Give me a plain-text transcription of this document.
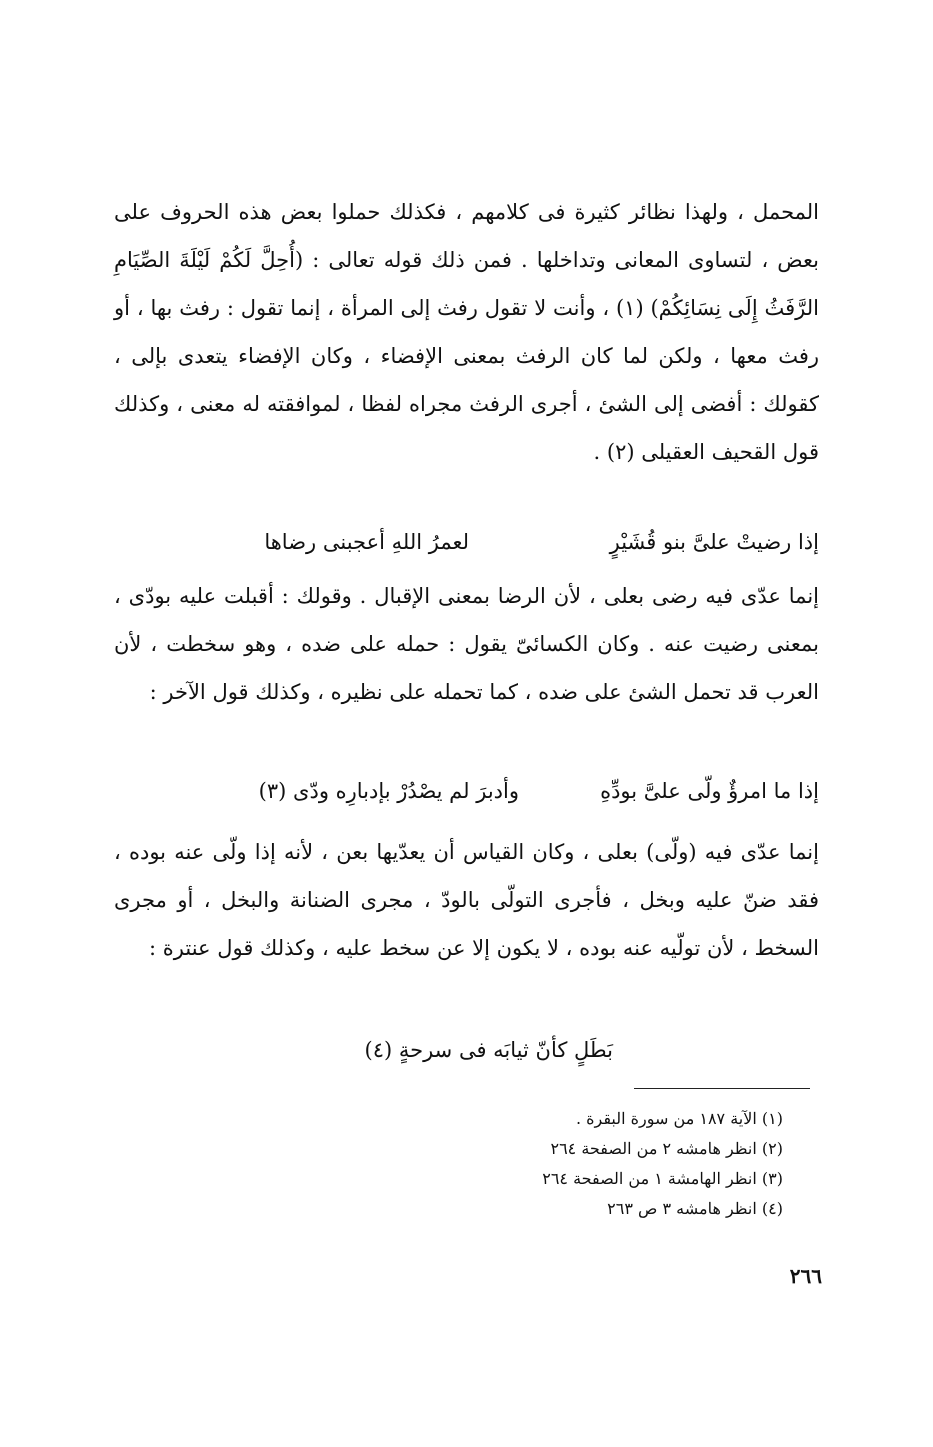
المحمل ، ولهذا نظائر كثيرة فى كلامهم ، فكذلك حملوا بعض هذه الحروف على بعض ، لتساوى المعانى وتداخلها . فمن ذلك قوله تعالى : (أُحِلَّ لَكُمْ لَيْلَةَ الصِّيَامِ الرَّفَثُ إِلَى نِسَائِكُمْ) (١) ، وأنت لا تقول رفث إلى المرأة ، إنما تقول : رفث بها ، أو رفث معها ، ولكن لما كان الرفث بمعنى الإفضاء ، وكان الإفضاء يتعدى بإلى ، كقولك : أفضى إلى الشئ ، أجرى الرفث مجراه لفظا ، لموافقته له معنى ، وكذلك قول القحيف العقيلى (٢) .

إذا رضيتْ علىَّ بنو قُشَيْرٍ
لعمرُ اللهِ أعجبنى رضاها

إنما عدّى فيه رضى بعلى ، لأن الرضا بمعنى الإقبال . وقولك : أقبلت عليه بودّى ، بمعنى رضيت عنه . وكان الكسائىّ يقول : حمله على ضده ، وهو سخطت ، لأن العرب قد تحمل الشئ على ضده ، كما تحمله على نظيره ، وكذلك قول الآخر :

إذا ما امرؤٌ ولّى علىَّ بودِّهِ
وأدبرَ لم يصْدُرْ بإدبارِه ودّى (٣)

إنما عدّى فيه (ولّى) بعلى ، وكان القياس أن يعدّيها بعن ، لأنه إذا ولّى عنه بوده ، فقد ضنّ عليه وبخل ، فأجرى التولّى بالودّ ، مجرى الضنانة والبخل ، أو مجرى السخط ، لأن تولّيه عنه بوده ، لا يكون إلا عن سخط عليه ، وكذلك قول عنترة :

بَطَلٍ كأنّ ثيابَه فى سرحةٍ (٤)
(١) الآية ١٨٧ من سورة البقرة .
(٢) انظر هامشه ٢ من الصفحة ٢٦٤
(٣) انظر الهامشة ١ من الصفحة ٢٦٤
(٤) انظر هامشه ٣ ص ٢٦٣
٢٦٦
